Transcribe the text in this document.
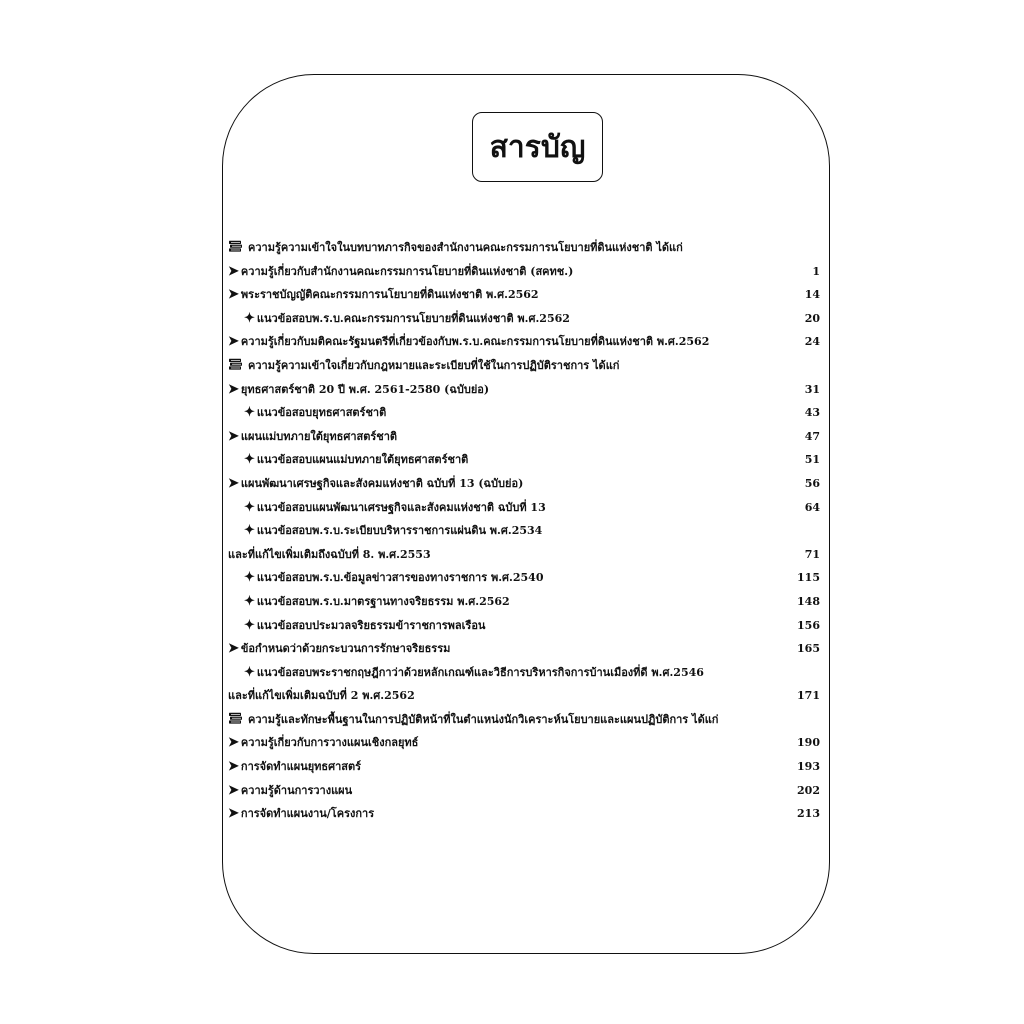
สารบัญ
ความรู้ความเข้าใจในบทบาทภารกิจของสำนักงานคณะกรรมการนโยบายที่ดินแห่งชาติ ได้แก่
➤ ความรู้เกี่ยวกับสำนักงานคณะกรรมการนโยบายที่ดินแห่งชาติ (สคทช.)	1
➤ พระราชบัญญัติคณะกรรมการนโยบายที่ดินแห่งชาติ พ.ศ.2562	14
✦ แนวข้อสอบพ.ร.บ.คณะกรรมการนโยบายที่ดินแห่งชาติ พ.ศ.2562	20
➤ ความรู้เกี่ยวกับมติคณะรัฐมนตรีที่เกี่ยวข้องกับพ.ร.บ.คณะกรรมการนโยบายที่ดินแห่งชาติ พ.ศ.2562	24
ความรู้ความเข้าใจเกี่ยวกับกฎหมายและระเบียบที่ใช้ในการปฏิบัติราชการ ได้แก่
➤ ยุทธศาสตร์ชาติ 20 ปี พ.ศ. 2561-2580 (ฉบับย่อ)	31
✦ แนวข้อสอบยุทธศาสตร์ชาติ	43
➤ แผนแม่บทภายใต้ยุทธศาสตร์ชาติ	47
✦ แนวข้อสอบแผนแม่บทภายใต้ยุทธศาสตร์ชาติ	51
➤ แผนพัฒนาเศรษฐกิจและสังคมแห่งชาติ ฉบับที่ 13 (ฉบับย่อ)	56
✦ แนวข้อสอบแผนพัฒนาเศรษฐกิจและสังคมแห่งชาติ ฉบับที่ 13	64
✦ แนวข้อสอบพ.ร.บ.ระเบียบบริหารราชการแผ่นดิน พ.ศ.2534
และที่แก้ไขเพิ่มเติมถึงฉบับที่ 8. พ.ศ.2553	71
✦ แนวข้อสอบพ.ร.บ.ข้อมูลข่าวสารของทางราชการ พ.ศ.2540	115
✦ แนวข้อสอบพ.ร.บ.มาตรฐานทางจริยธรรม พ.ศ.2562	148
✦ แนวข้อสอบประมวลจริยธรรมข้าราชการพลเรือน	156
➤ ข้อกำหนดว่าด้วยกระบวนการรักษาจริยธรรม	165
✦ แนวข้อสอบพระราชกฤษฎีกาว่าด้วยหลักเกณฑ์และวิธีการบริหารกิจการบ้านเมืองที่ดี พ.ศ.2546
และที่แก้ไขเพิ่มเติมฉบับที่ 2 พ.ศ.2562	171
ความรู้และทักษะพื้นฐานในการปฏิบัติหน้าที่ในตำแหน่งนักวิเคราะห์นโยบายและแผนปฏิบัติการ ได้แก่
➤ ความรู้เกี่ยวกับการวางแผนเชิงกลยุทธ์	190
➤ การจัดทำแผนยุทธศาสตร์	193
➤ ความรู้ด้านการวางแผน	202
➤ การจัดทำแผนงาน/โครงการ	213
